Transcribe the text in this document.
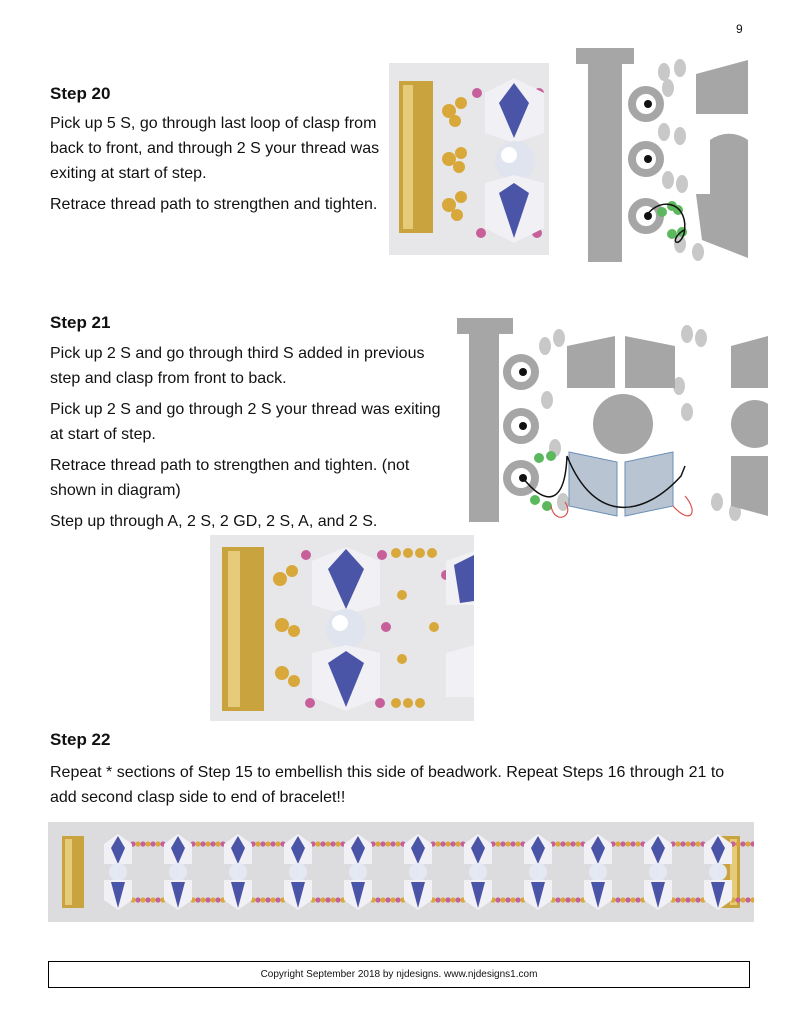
9
Step 20
Pick up 5 S, go through last loop of clasp from back to front, and through 2 S your thread was exiting at start of step.
Retrace thread path to strengthen and tighten.
Step 21
Pick up 2 S and go through third S added in previous step and clasp from front to back.
Pick up 2 S and go through 2 S your thread was exiting at start of step.
Retrace thread path to strengthen and tighten. (not shown in diagram)
Step up through A, 2 S, 2 GD, 2 S, A, and 2 S.
Step 22
Repeat * sections of Step 15 to embellish this side of beadwork. Repeat Steps 16 through 21 to add second clasp side to end of bracelet!!
Copyright September 2018 by njdesigns. www.njdesigns1.com
